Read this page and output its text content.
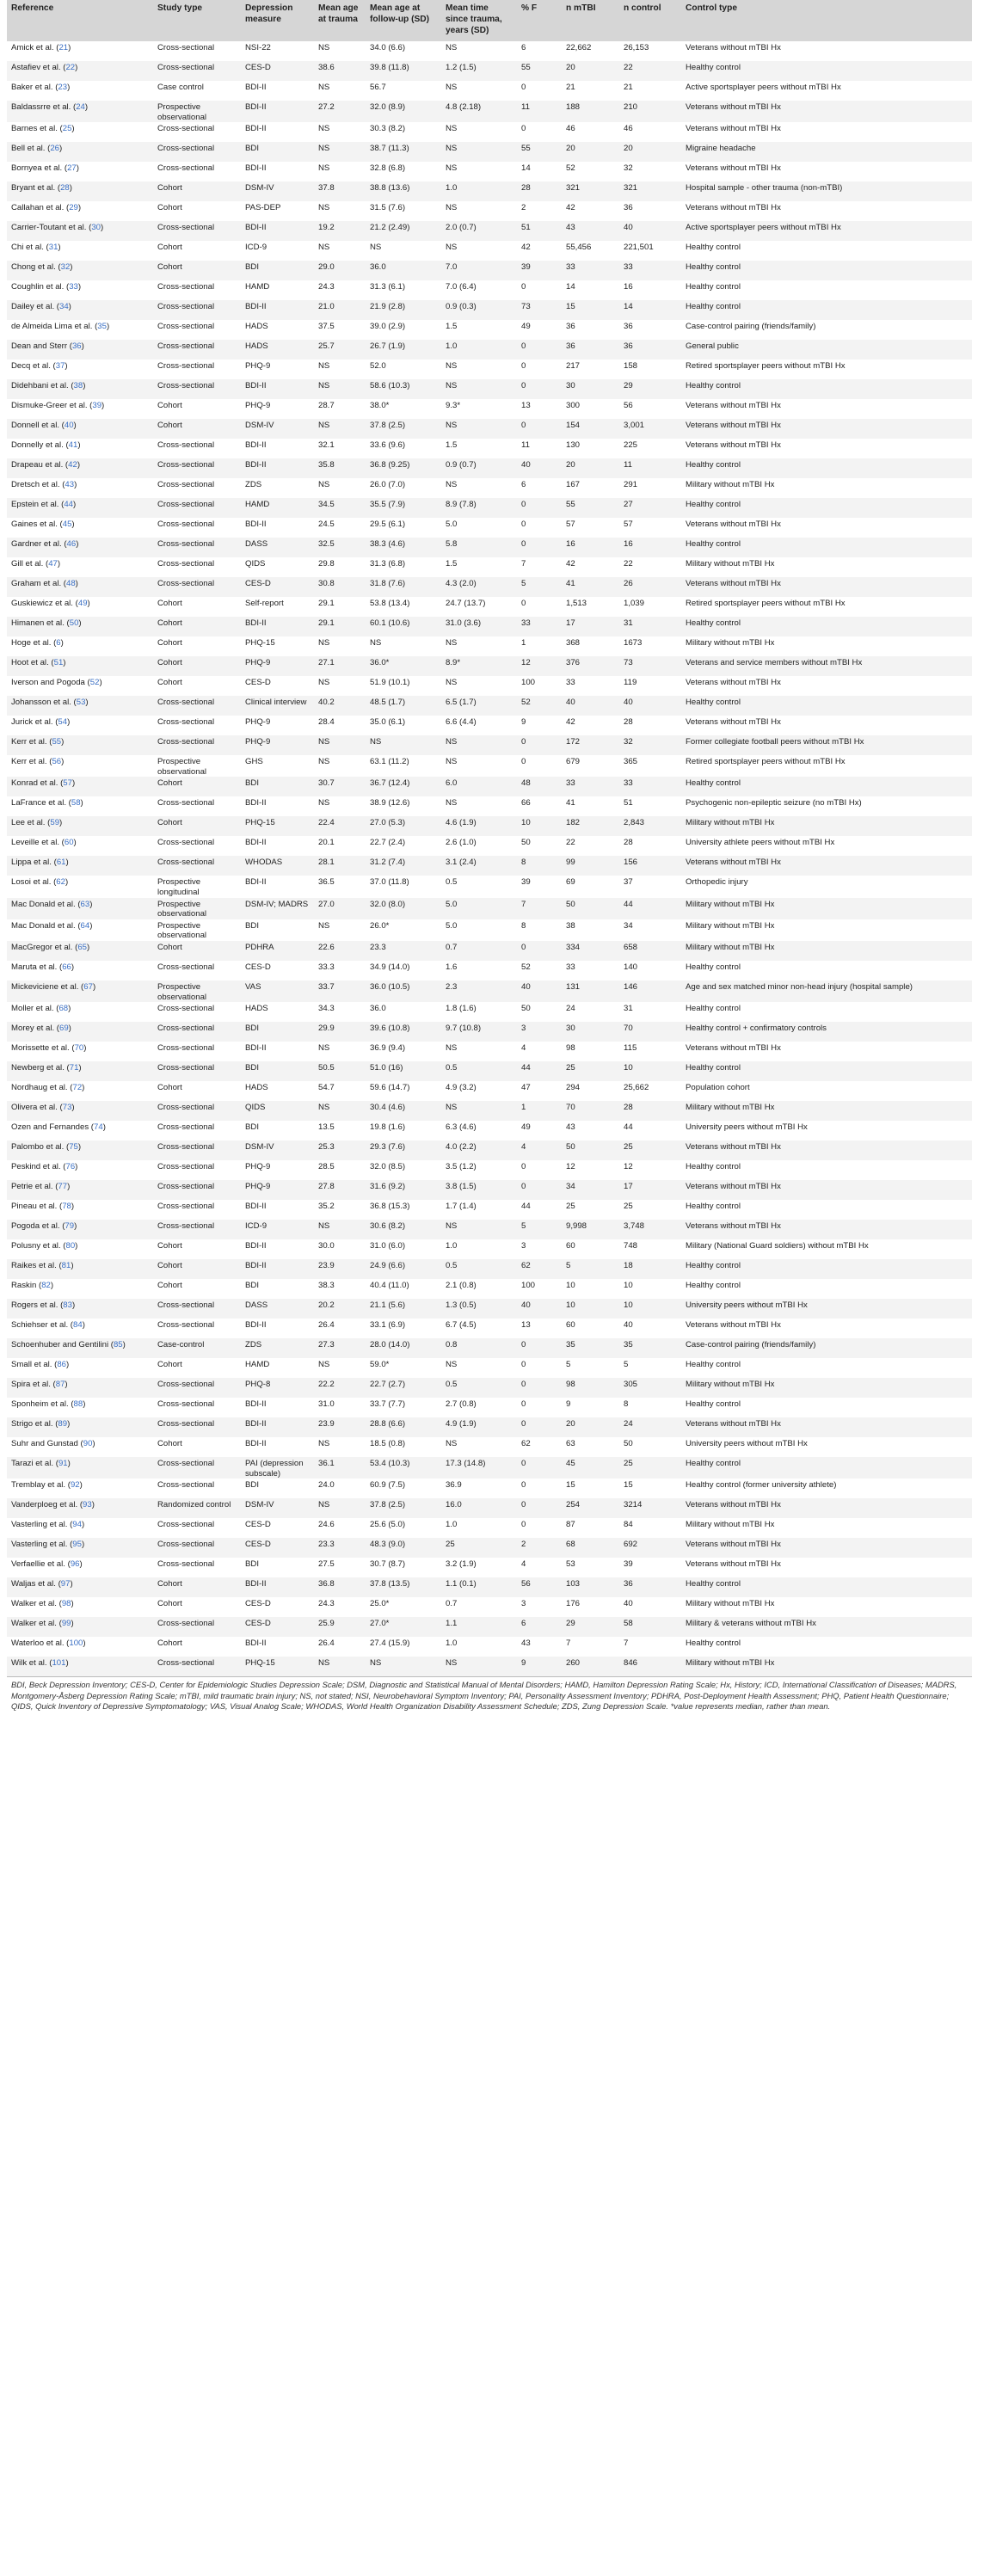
Reference	Study type	Depression measure	Mean age at trauma	Mean age at follow-up (SD)	Mean time since trauma, years (SD)	% F	n mTBI	n control	Control type
Amick et al. (21)	Cross-sectional	NSI-22	NS	34.0 (6.6)	NS	6	22,662	26,153	Veterans without mTBI Hx
Astafiev et al. (22)	Cross-sectional	CES-D	38.6	39.8 (11.8)	1.2 (1.5)	55	20	22	Healthy control
Baker et al. (23)	Case control	BDI-II	NS	56.7	NS	0	21	21	Active sportsplayer peers without mTBI Hx
Baldassrre et al. (24)	Prospective observational	BDI-II	27.2	32.0 (8.9)	4.8 (2.18)	11	188	210	Veterans without mTBI Hx
Barnes et al. (25)	Cross-sectional	BDI-II	NS	30.3 (8.2)	NS	0	46	46	Veterans without mTBI Hx
Bell et al. (26)	Cross-sectional	BDI	NS	38.7 (11.3)	NS	55	20	20	Migraine headache
Bornyea et al. (27)	Cross-sectional	BDI-II	NS	32.8 (6.8)	NS	14	52	32	Veterans without mTBI Hx
Bryant et al. (28)	Cohort	DSM-IV	37.8	38.8 (13.6)	1.0	28	321	321	Hospital sample - other trauma (non-mTBI)
Callahan et al. (29)	Cohort	PAS-DEP	NS	31.5 (7.6)	NS	2	42	36	Veterans without mTBI Hx
Carrier-Toutant et al. (30)	Cross-sectional	BDI-II	19.2	21.2 (2.49)	2.0 (0.7)	51	43	40	Active sportsplayer peers without mTBI Hx
Chi et al. (31)	Cohort	ICD-9	NS	NS	NS	42	55,456	221,501	Healthy control
Chong et al. (32)	Cohort	BDI	29.0	36.0	7.0	39	33	33	Healthy control
Coughlin et al. (33)	Cross-sectional	HAMD	24.3	31.3 (6.1)	7.0 (6.4)	0	14	16	Healthy control
Dailey et al. (34)	Cross-sectional	BDI-II	21.0	21.9 (2.8)	0.9 (0.3)	73	15	14	Healthy control
de Almeida Lima et al. (35)	Cross-sectional	HADS	37.5	39.0 (2.9)	1.5	49	36	36	Case-control pairing (friends/family)
Dean and Sterr (36)	Cross-sectional	HADS	25.7	26.7 (1.9)	1.0	0	36	36	General public
Decq et al. (37)	Cross-sectional	PHQ-9	NS	52.0	NS	0	217	158	Retired sportsplayer peers without mTBI Hx
Didehbani et al. (38)	Cross-sectional	BDI-II	NS	58.6 (10.3)	NS	0	30	29	Healthy control
Dismuke-Greer et al. (39)	Cohort	PHQ-9	28.7	38.0*	9.3*	13	300	56	Veterans without mTBI Hx
Donnell et al. (40)	Cohort	DSM-IV	NS	37.8 (2.5)	NS	0	154	3,001	Veterans without mTBI Hx
Donnelly et al. (41)	Cross-sectional	BDI-II	32.1	33.6 (9.6)	1.5	11	130	225	Veterans without mTBI Hx
Drapeau et al. (42)	Cross-sectional	BDI-II	35.8	36.8 (9.25)	0.9 (0.7)	40	20	11	Healthy control
Dretsch et al. (43)	Cross-sectional	ZDS	NS	26.0 (7.0)	NS	6	167	291	Military without mTBI Hx
Epstein et al. (44)	Cross-sectional	HAMD	34.5	35.5 (7.9)	8.9 (7.8)	0	55	27	Healthy control
Gaines et al. (45)	Cross-sectional	BDI-II	24.5	29.5 (6.1)	5.0	0	57	57	Veterans without mTBI Hx
Gardner et al. (46)	Cross-sectional	DASS	32.5	38.3 (4.6)	5.8	0	16	16	Healthy control
Gill et al. (47)	Cross-sectional	QIDS	29.8	31.3 (6.8)	1.5	7	42	22	Military without mTBI Hx
Graham et al. (48)	Cross-sectional	CES-D	30.8	31.8 (7.6)	4.3 (2.0)	5	41	26	Veterans without mTBI Hx
Guskiewicz et al. (49)	Cohort	Self-report	29.1	53.8 (13.4)	24.7 (13.7)	0	1,513	1,039	Retired sportsplayer peers without mTBI Hx
Himanen et al. (50)	Cohort	BDI-II	29.1	60.1 (10.6)	31.0 (3.6)	33	17	31	Healthy control
Hoge et al. (6)	Cohort	PHQ-15	NS	NS	NS	1	368	1673	Military without mTBI Hx
Hoot et al. (51)	Cohort	PHQ-9	27.1	36.0*	8.9*	12	376	73	Veterans and service members without mTBI Hx
Iverson and Pogoda (52)	Cohort	CES-D	NS	51.9 (10.1)	NS	100	33	119	Veterans without mTBI Hx
Johansson et al. (53)	Cross-sectional	Clinical interview	40.2	48.5 (1.7)	6.5 (1.7)	52	40	40	Healthy control
Jurick et al. (54)	Cross-sectional	PHQ-9	28.4	35.0 (6.1)	6.6 (4.4)	9	42	28	Veterans without mTBI Hx
Kerr et al. (55)	Cross-sectional	PHQ-9	NS	NS	NS	0	172	32	Former collegiate football peers without mTBI Hx
Kerr et al. (56)	Prospective observational	GHS	NS	63.1 (11.2)	NS	0	679	365	Retired sportsplayer peers without mTBI Hx
Konrad et al. (57)	Cohort	BDI	30.7	36.7 (12.4)	6.0	48	33	33	Healthy control
LaFrance et al. (58)	Cross-sectional	BDI-II	NS	38.9 (12.6)	NS	66	41	51	Psychogenic non-epileptic seizure (no mTBI Hx)
Lee et al. (59)	Cohort	PHQ-15	22.4	27.0 (5.3)	4.6 (1.9)	10	182	2,843	Military without mTBI Hx
Leveille et al. (60)	Cross-sectional	BDI-II	20.1	22.7 (2.4)	2.6 (1.0)	50	22	28	University athlete peers without mTBI Hx
Lippa et al. (61)	Cross-sectional	WHODAS	28.1	31.2 (7.4)	3.1 (2.4)	8	99	156	Veterans without mTBI Hx
Losoi et al. (62)	Prospective longitudinal	BDI-II	36.5	37.0 (11.8)	0.5	39	69	37	Orthopedic injury
Mac Donald et al. (63)	Prospective observational	DSM-IV; MADRS	27.0	32.0 (8.0)	5.0	7	50	44	Military without mTBI Hx
Mac Donald et al. (64)	Prospective observational	BDI	NS	26.0*	5.0	8	38	34	Military without mTBI Hx
MacGregor et al. (65)	Cohort	PDHRA	22.6	23.3	0.7	0	334	658	Military without mTBI Hx
Maruta et al. (66)	Cross-sectional	CES-D	33.3	34.9 (14.0)	1.6	52	33	140	Healthy control
Mickeviciene et al. (67)	Prospective observational	VAS	33.7	36.0 (10.5)	2.3	40	131	146	Age and sex matched minor non-head injury (hospital sample)
Moller et al. (68)	Cross-sectional	HADS	34.3	36.0	1.8 (1.6)	50	24	31	Healthy control
Morey et al. (69)	Cross-sectional	BDI	29.9	39.6 (10.8)	9.7 (10.8)	3	30	70	Healthy control + confirmatory controls
Morissette et al. (70)	Cross-sectional	BDI-II	NS	36.9 (9.4)	NS	4	98	115	Veterans without mTBI Hx
Newberg et al. (71)	Cross-sectional	BDI	50.5	51.0 (16)	0.5	44	25	10	Healthy control
Nordhaug et al. (72)	Cohort	HADS	54.7	59.6 (14.7)	4.9 (3.2)	47	294	25,662	Population cohort
Olivera et al. (73)	Cross-sectional	QIDS	NS	30.4 (4.6)	NS	1	70	28	Military without mTBI Hx
Ozen and Fernandes (74)	Cross-sectional	BDI	13.5	19.8 (1.6)	6.3 (4.6)	49	43	44	University peers without mTBI Hx
Palombo et al. (75)	Cross-sectional	DSM-IV	25.3	29.3 (7.6)	4.0 (2.2)	4	50	25	Veterans without mTBI Hx
Peskind et al. (76)	Cross-sectional	PHQ-9	28.5	32.0 (8.5)	3.5 (1.2)	0	12	12	Healthy control
Petrie et al. (77)	Cross-sectional	PHQ-9	27.8	31.6 (9.2)	3.8 (1.5)	0	34	17	Veterans without mTBI Hx
Pineau et al. (78)	Cross-sectional	BDI-II	35.2	36.8 (15.3)	1.7 (1.4)	44	25	25	Healthy control
Pogoda et al. (79)	Cross-sectional	ICD-9	NS	30.6 (8.2)	NS	5	9,998	3,748	Veterans without mTBI Hx
Polusny et al. (80)	Cohort	BDI-II	30.0	31.0 (6.0)	1.0	3	60	748	Military (National Guard soldiers) without mTBI Hx
Raikes et al. (81)	Cohort	BDI-II	23.9	24.9 (6.6)	0.5	62	5	18	Healthy control
Raskin (82)	Cohort	BDI	38.3	40.4 (11.0)	2.1 (0.8)	100	10	10	Healthy control
Rogers et al. (83)	Cross-sectional	DASS	20.2	21.1 (5.6)	1.3 (0.5)	40	10	10	University peers without mTBI Hx
Schiehser et al. (84)	Cross-sectional	BDI-II	26.4	33.1 (6.9)	6.7 (4.5)	13	60	40	Veterans without mTBI Hx
Schoenhuber and Gentilini (85)	Case-control	ZDS	27.3	28.0 (14.0)	0.8	0	35	35	Case-control pairing (friends/family)
Small et al. (86)	Cohort	HAMD	NS	59.0*	NS	0	5	5	Healthy control
Spira et al. (87)	Cross-sectional	PHQ-8	22.2	22.7 (2.7)	0.5	0	98	305	Military without mTBI Hx
Sponheim et al. (88)	Cross-sectional	BDI-II	31.0	33.7 (7.7)	2.7 (0.8)	0	9	8	Healthy control
Strigo et al. (89)	Cross-sectional	BDI-II	23.9	28.8 (6.6)	4.9 (1.9)	0	20	24	Veterans without mTBI Hx
Suhr and Gunstad (90)	Cohort	BDI-II	NS	18.5 (0.8)	NS	62	63	50	University peers without mTBI Hx
Tarazi et al. (91)	Cross-sectional	PAI (depression subscale)	36.1	53.4 (10.3)	17.3 (14.8)	0	45	25	Healthy control
Tremblay et al. (92)	Cross-sectional	BDI	24.0	60.9 (7.5)	36.9	0	15	15	Healthy control (former university athlete)
Vanderploeg et al. (93)	Randomized control	DSM-IV	NS	37.8 (2.5)	16.0	0	254	3214	Veterans without mTBI Hx
Vasterling et al. (94)	Cross-sectional	CES-D	24.6	25.6 (5.0)	1.0	0	87	84	Military without mTBI Hx
Vasterling et al. (95)	Cross-sectional	CES-D	23.3	48.3 (9.0)	25	2	68	692	Veterans without mTBI Hx
Verfaellie et al. (96)	Cross-sectional	BDI	27.5	30.7 (8.7)	3.2 (1.9)	4	53	39	Veterans without mTBI Hx
Waljas et al. (97)	Cohort	BDI-II	36.8	37.8 (13.5)	1.1 (0.1)	56	103	36	Healthy control
Walker et al. (98)	Cohort	CES-D	24.3	25.0*	0.7	3	176	40	Military without mTBI Hx
Walker et al. (99)	Cross-sectional	CES-D	25.9	27.0*	1.1	6	29	58	Military & veterans without mTBI Hx
Waterloo et al. (100)	Cohort	BDI-II	26.4	27.4 (15.9)	1.0	43	7	7	Healthy control
Wilk et al. (101)	Cross-sectional	PHQ-15	NS	NS	NS	9	260	846	Military without mTBI Hx
BDI, Beck Depression Inventory; CES-D, Center for Epidemiologic Studies Depression Scale; DSM, Diagnostic and Statistical Manual of Mental Disorders; HAMD, Hamilton Depression Rating Scale; Hx, History; ICD, International Classification of Diseases; MADRS, Montgomery-Åsberg Depression Rating Scale; mTBI, mild traumatic brain injury; NS, not stated; NSI, Neurobehavioral Symptom Inventory; PAI, Personality Assessment Inventory; PDHRA, Post-Deployment Health Assessment; PHQ, Patient Health Questionnaire; QIDS, Quick Inventory of Depressive Symptomatology; VAS, Visual Analog Scale; WHODAS, World Health Organization Disability Assessment Schedule; ZDS, Zung Depression Scale. *value represents median, rather than mean.									
